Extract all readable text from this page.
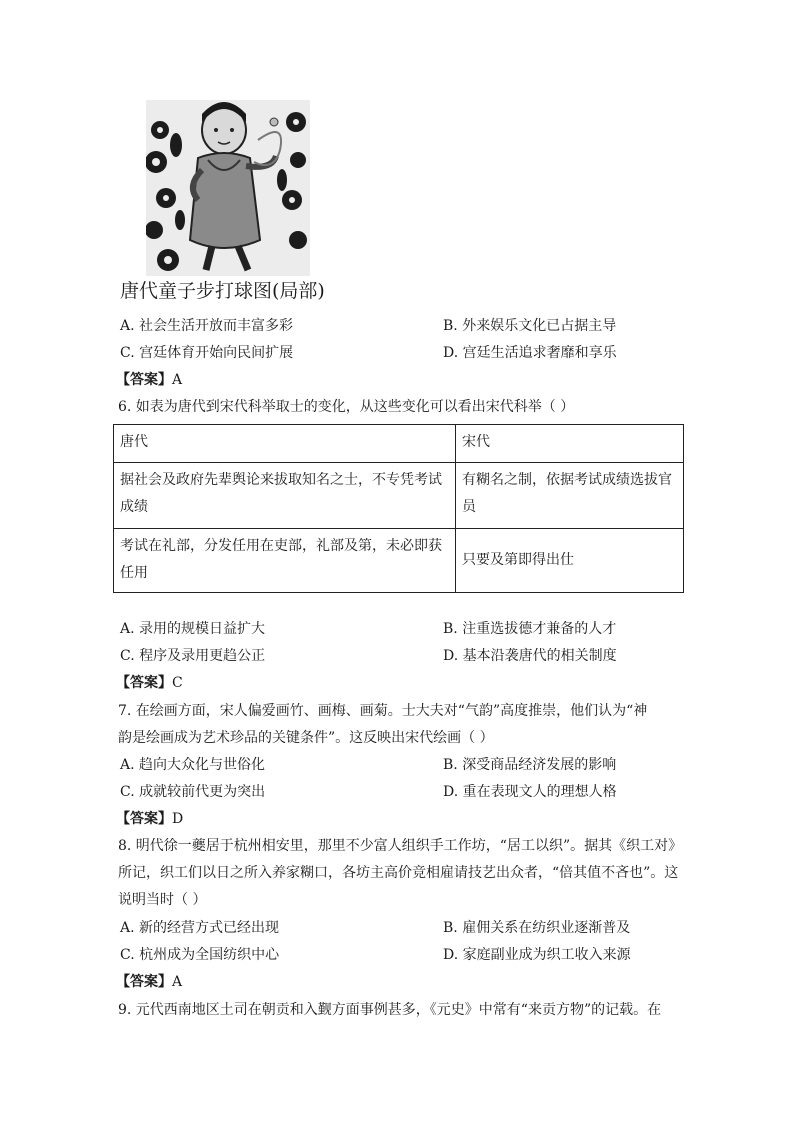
唐代童子步打球图(局部)
A. 社会生活开放而丰富多彩	B. 外来娱乐文化已占据主导
C. 宫廷体育开始向民间扩展	D. 宫廷生活追求奢靡和享乐
【答案】A
6. 如表为唐代到宋代科举取士的变化，从这些变化可以看出宋代科举（ ）
唐代	宋代
据社会及政府先辈舆论来拔取知名之士，不专凭考试成绩	有糊名之制，依据考试成绩选拔官员
考试在礼部，分发任用在吏部，礼部及第，未必即获任用	只要及第即得出仕
A. 录用的规模日益扩大	B. 注重选拔德才兼备的人才
C. 程序及录用更趋公正	D. 基本沿袭唐代的相关制度
【答案】C
7. 在绘画方面，宋人偏爱画竹、画梅、画菊。士大夫对“气韵”高度推崇，他们认为“神
韵是绘画成为艺术珍品的关键条件”。这反映出宋代绘画（ ）
A. 趋向大众化与世俗化	B. 深受商品经济发展的影响
C. 成就较前代更为突出	D. 重在表现文人的理想人格
【答案】D
8. 明代徐一夔居于杭州相安里，那里不少富人组织手工作坊，“居工以织”。据其《织工对》
所记，织工们以日之所入养家糊口，各坊主高价竞相雇请技艺出众者，“倍其值不吝也”。这
说明当时（ ）
A. 新的经营方式已经出现	B. 雇佣关系在纺织业逐渐普及
C. 杭州成为全国纺织中心	D. 家庭副业成为织工收入来源
【答案】A
9. 元代西南地区土司在朝贡和入觐方面事例甚多，《元史》中常有“来贡方物”的记载。在
